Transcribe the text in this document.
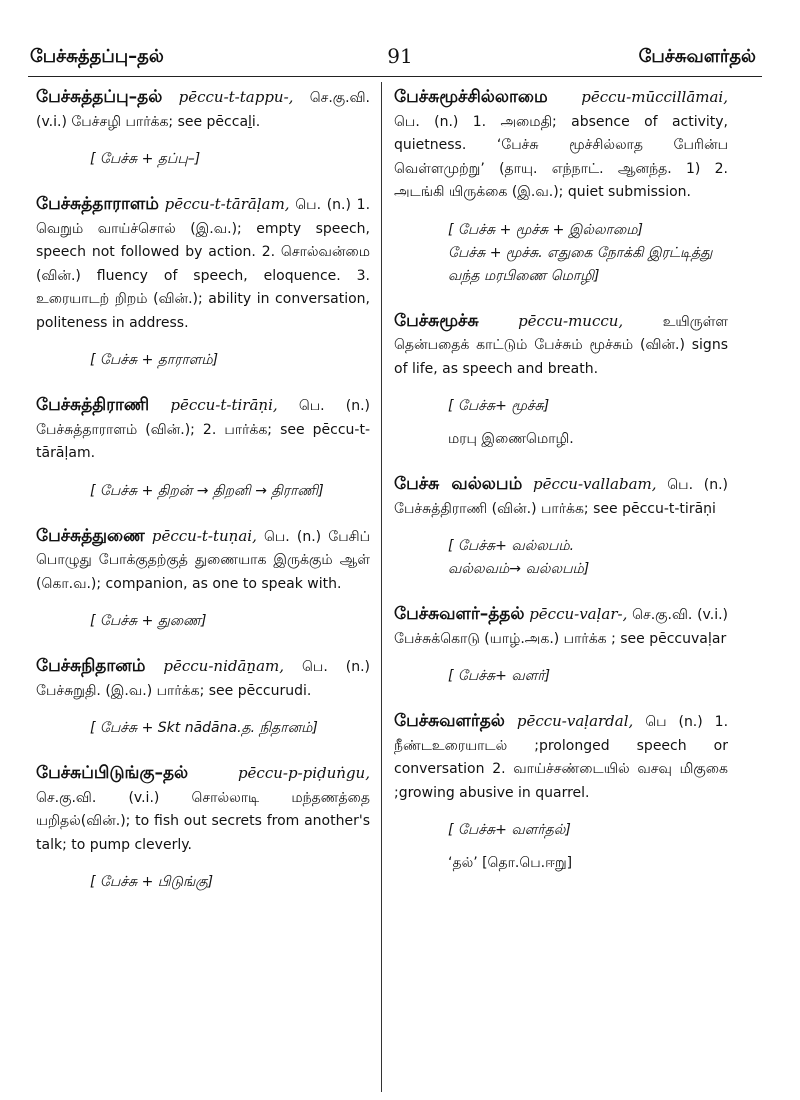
பேச்சுத்தப்பு–தல்	91	பேச்சுவளர்தல்

பேச்சுத்தப்பு–தல் pēccu-t-tappu-, செ.கு.வி. (v.i.) பேச்சழி பார்க்க; see pēccaḻi.

[ பேச்சு + தப்பு–]

பேச்சுத்தாராளம் pēccu-t-tārāḷam, பெ. (n.) 1. வெறும் வாய்ச்சொல் (இ.வ.); empty speech, speech not followed by action. 2. சொல்வன்மை (வின்.) fluency of speech, eloquence. 3. உரையாடற் றிறம் (வின்.); ability in conversation, politeness in address.

[ பேச்சு + தாராளம்]

பேச்சுத்திராணி pēccu-t-tirāṇi, பெ. (n.) பேச்சுத்தாராளம் (வின்.); 2. பார்க்க; see pēccu-t-tārāḷam.

[ பேச்சு + திறன் → திறனி → திராணி]

பேச்சுத்துணை pēccu-t-tuṇai, பெ. (n.) பேசிப் பொழுது போக்குதற்குத் துணையாக இருக்கும் ஆள் (கொ.வ.); companion, as one to speak with.

[ பேச்சு + துணை]

பேச்சுநிதானம் pēccu-nidāṉam, பெ. (n.) பேச்சுறுதி. (இ.வ.) பார்க்க; see pēccurudi.

[ பேச்சு + Skt nādāna.த. நிதானம்]

பேச்சுப்பிடுங்கு–தல்	pēccu-p-piḍuṅgu, செ.கு.வி. (v.i.) சொல்லாடி மந்தணத்தை யறிதல்(வின்.); to fish out secrets from another's talk; to pump cleverly.

[ பேச்சு + பிடுங்கு]

பேச்சுமூச்சில்லாமை pēccu-mūccillāmai, பெ. (n.) 1. அமைதி; absence of activity, quietness. ‘பேச்சு மூச்சில்லாத பேரின்ப வெள்ளமுற்று’ (தாயு. எந்நாட். ஆனந்த. 1) 2. அடங்கி யிருக்கை (இ.வ.); quiet submission.

[ பேச்சு + மூச்சு + இல்லாமை]
பேச்சு + மூச்சு. எதுகை நோக்கி இரட்டித்து வந்த மரபிணை மொழி]

பேச்சுமூச்சு	pēccu-muccu,	உயிருள்ள தென்பதைக் காட்டும் பேச்சும் மூச்சும் (வின்.) signs of life, as speech and breath.

[ பேச்சு+ மூச்சு]
மரபு இணைமொழி.

பேச்சு வல்லபம் pēccu-vallabam, பெ. (n.) பேச்சுத்திராணி (வின்.) பார்க்க; see pēccu-t-tirāṇi

[ பேச்சு+ வல்லபம்.
வல்லவம்→ வல்லபம்]

பேச்சுவளர்–த்தல் pēccu-vaḷar-, செ.கு.வி. (v.i.) பேச்சுக்கொடு (யாழ்.அக.) பார்க்க ; see pēccuvaḷar

[ பேச்சு+ வளர்]

பேச்சுவளர்தல் pēccu-vaḷardal, பெ (n.) 1. நீண்டஉரையாடல் ;prolonged speech or conversation 2. வாய்ச்சண்டையில் வசவு மிகுகை ;growing abusive in quarrel.

[ பேச்சு+ வளர்தல்]
‘தல்’ [தொ.பெ.ஈறு]
